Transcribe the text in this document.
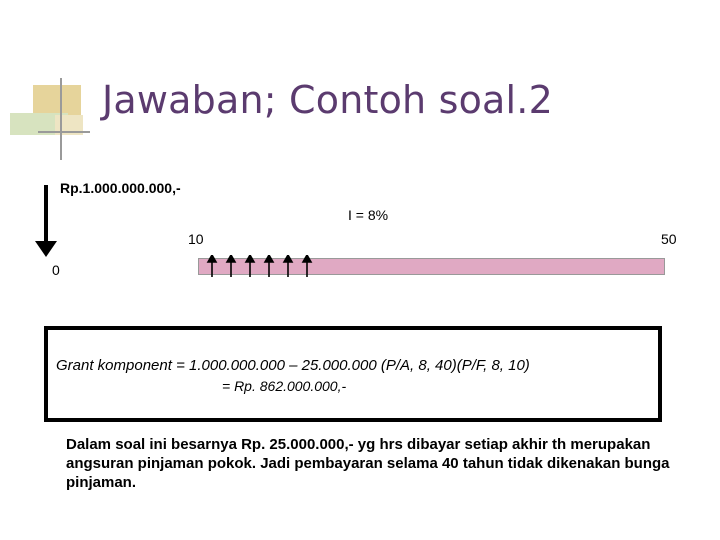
Jawaban; Contoh soal.2
Rp.1.000.000.000,-
I = 8%
10	50
0
Grant komponent = 1.000.000.000 – 25.000.000 (P/A, 8, 40)(P/F, 8, 10)
= Rp. 862.000.000,-
Dalam soal ini besarnya Rp. 25.000.000,- yg hrs dibayar setiap akhir th merupakan angsuran pinjaman pokok. Jadi pembayaran selama 40 tahun tidak dikenakan bunga pinjaman.
